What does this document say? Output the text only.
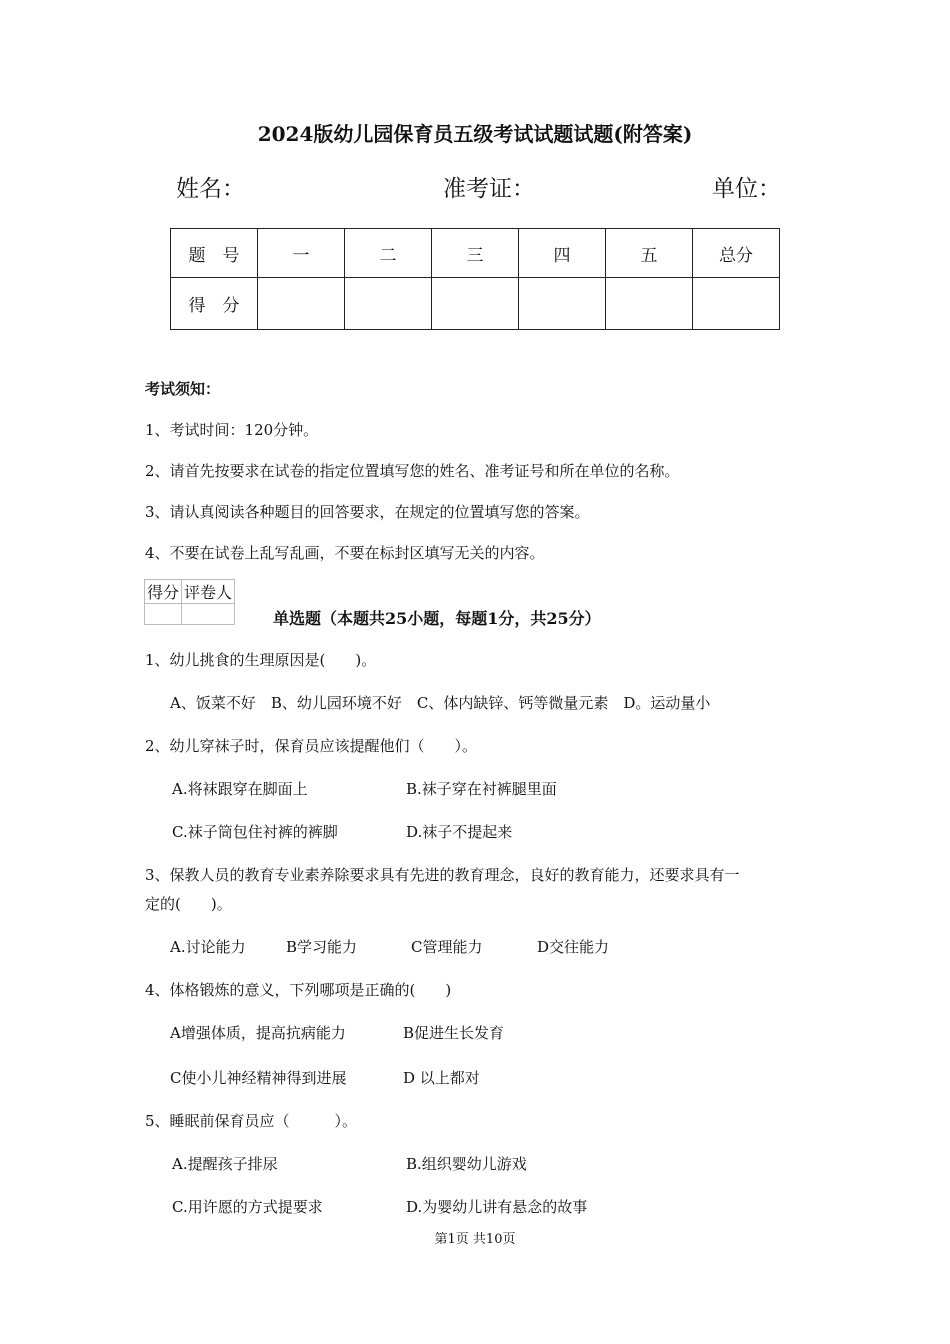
2024版幼儿园保育员五级考试试题试题(附答案)
姓名：	准考证：	单位：
题　号	一	二	三	四	五	总分
得　分						
考试须知：
1、考试时间：120分钟。
2、请首先按要求在试卷的指定位置填写您的姓名、准考证号和所在单位的名称。
3、请认真阅读各种题目的回答要求，在规定的位置填写您的答案。
4、不要在试卷上乱写乱画，不要在标封区填写无关的内容。
得分	评卷人

单选题（本题共25小题，每题1分，共25分）
1、幼儿挑食的生理原因是(　　)。
A、饭菜不好　B、幼儿园环境不好　C、体内缺锌、钙等微量元素　D。运动量小
2、幼儿穿袜子时，保育员应该提醒他们（　　）。
A.将袜跟穿在脚面上	B.袜子穿在衬裤腿里面
C.袜子筒包住衬裤的裤脚	D.袜子不提起来
3、保教人员的教育专业素养除要求具有先进的教育理念，良好的教育能力，还要求具有一
定的(　　)。
A.讨论能力	B学习能力	C管理能力	D交往能力
4、体格锻炼的意义，下列哪项是正确的(　　)
A增强体质，提高抗病能力	B促进生长发育
C使小儿神经精神得到进展	D 以上都对
5、睡眠前保育员应（　　　）。
A.提醒孩子排尿	B.组织婴幼儿游戏
C.用许愿的方式提要求	D.为婴幼儿讲有悬念的故事
第1页 共10页
